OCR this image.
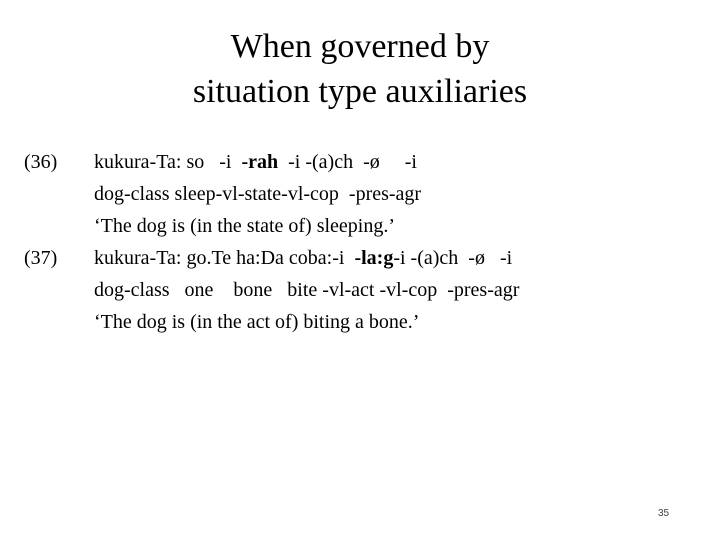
When governed by
situation type auxiliaries
(36) kukura-Ta: so   -i  -rah  -i -(a)ch  -ø     -i
dog-class sleep-vl-state-vl-cop  -pres-agr
‘The dog is (in the state of) sleeping.’
(37) kukura-Ta: go.Te ha:Da coba:-i  -la:g-i -(a)ch  -ø   -i
dog-class   one    bone   bite -vl-act -vl-cop  -pres-agr
‘The dog is (in the act of) biting a bone.’
35
